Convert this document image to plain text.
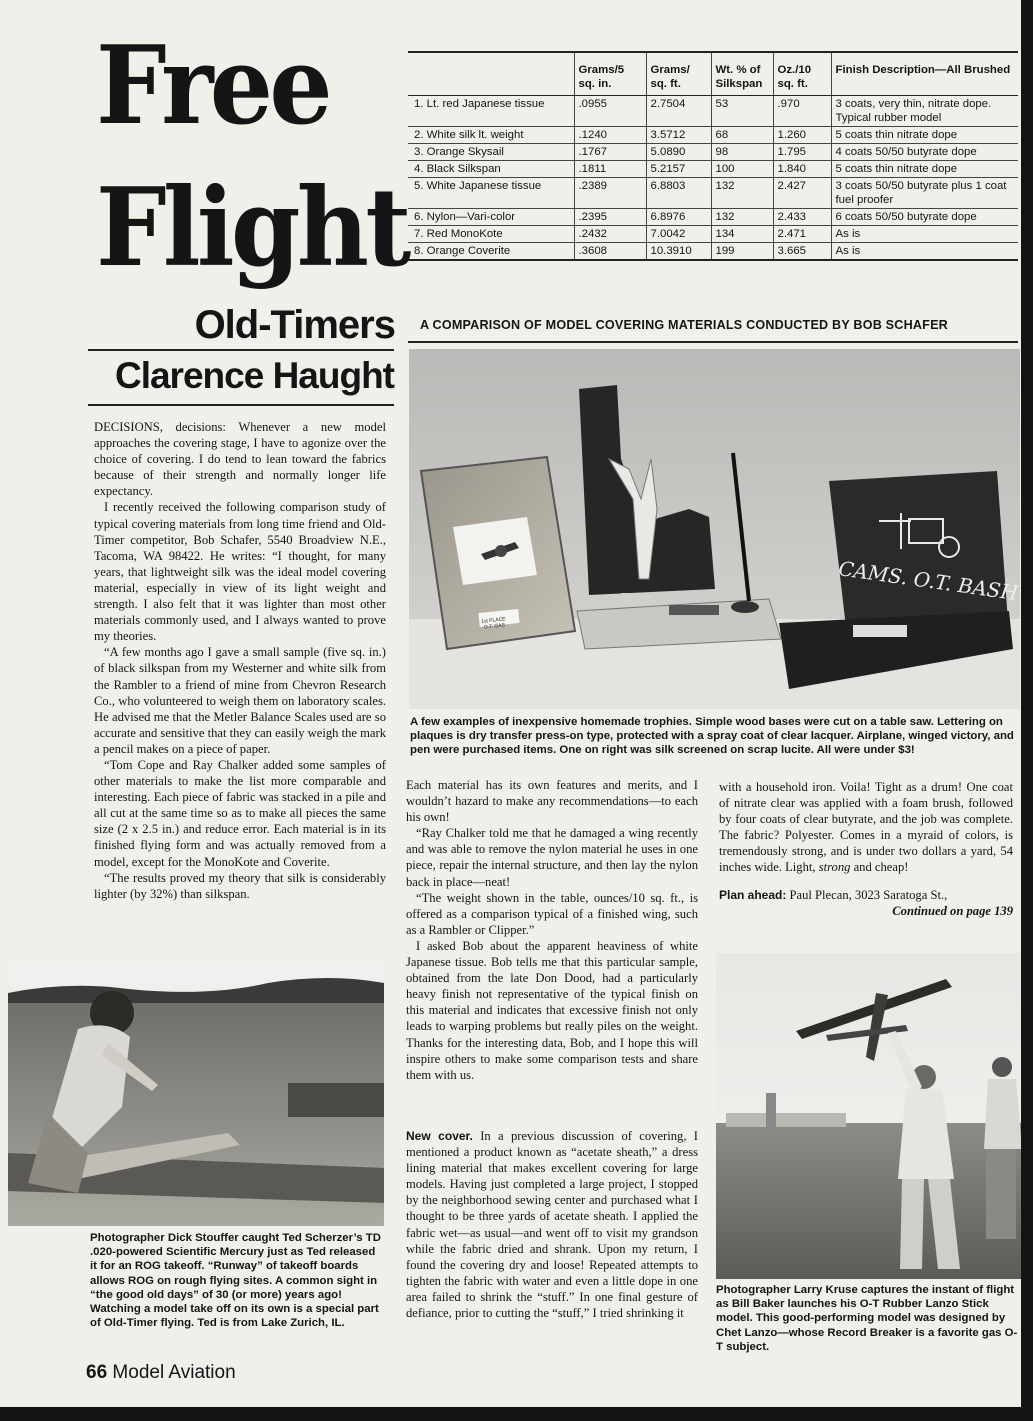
Free
Flight
Old-Timers
Clarence Haught
	Grams/5 sq. in.	Grams/ sq. ft.	Wt. % of Silkspan	Oz./10 sq. ft.	Finish Description—All Brushed
1. Lt. red Japanese tissue	.0955	2.7504	53	.970	3 coats, very thin, nitrate dope. Typical rubber model
2. White silk lt. weight	.1240	3.5712	68	1.260	5 coats thin nitrate dope
3. Orange Skysail	.1767	5.0890	98	1.795	4 coats 50/50 butyrate dope
4. Black Silkspan	.1811	5.2157	100	1.840	5 coats thin nitrate dope
5. White Japanese tissue	.2389	6.8803	132	2.427	3 coats 50/50 butyrate plus 1 coat fuel proofer
6. Nylon—Vari-color	.2395	6.8976	132	2.433	6 coats 50/50 butyrate dope
7. Red MonoKote	.2432	7.0042	134	2.471	As is
8. Orange Coverite	.3608	10.3910	199	3.665	As is
A COMPARISON OF MODEL COVERING MATERIALS CONDUCTED BY BOB SCHAFER
1st PLACE
O.T. GAS
CAMS. O.T. BASH
A few examples of inexpensive homemade trophies. Simple wood bases were cut on a table saw. Lettering on plaques is dry transfer press-on type, protected with a spray coat of clear lacquer. Airplane, winged victory, and pen were purchased items. One on right was silk screened on scrap lucite. All were under $3!

DECISIONS, decisions: Whenever a new model approaches the covering stage, I have to agonize over the choice of covering. I do tend to lean toward the fabrics because of their strength and normally longer life expectancy.

I recently received the following comparison study of typical covering materials from long time friend and Old-Timer competitor, Bob Schafer, 5540 Broadview N.E., Tacoma, WA 98422. He writes: “I thought, for many years, that lightweight silk was the ideal model covering material, especially in view of its light weight and strength. I also felt that it was lighter than most other materials commonly used, and I always wanted to prove my theories.

“A few months ago I gave a small sample (five sq. in.) of black silkspan from my Westerner and white silk from the Rambler to a friend of mine from Chevron Research Co., who volunteered to weigh them on laboratory scales. He advised me that the Metler Balance Scales used are so accurate and sensitive that they can easily weigh the mark a pencil makes on a piece of paper.

“Tom Cope and Ray Chalker added some samples of other materials to make the list more comparable and interesting. Each piece of fabric was stacked in a pile and all cut at the same time so as to make all pieces the same size (2 x 2.5 in.) and reduce error. Each material is in its finished flying form and was actually removed from a model, except for the MonoKote and Coverite.

“The results proved my theory that silk is considerably lighter (by 32%) than silkspan.

Photographer Dick Stouffer caught Ted Scherzer’s TD .020-powered Scientific Mercury just as Ted released it for an ROG takeoff. “Runway” of takeoff boards allows ROG on rough flying sites. A common sight in “the good old days” of 30 (or more) years ago! Watching a model take off on its own is a special part of Old-Timer flying. Ted is from Lake Zurich, IL.

Each material has its own features and merits, and I wouldn’t hazard to make any recommendations—to each his own!

“Ray Chalker told me that he damaged a wing recently and was able to remove the nylon material he uses in one piece, repair the internal structure, and then lay the nylon back in place—neat!

“The weight shown in the table, ounces/10 sq. ft., is offered as a comparison typical of a finished wing, such as a Rambler or Clipper.”

I asked Bob about the apparent heaviness of white Japanese tissue. Bob tells me that this particular sample, obtained from the late Don Dood, had a particularly heavy finish not representative of the typical finish on this material and indicates that excessive finish not only leads to warping problems but really piles on the weight. Thanks for the interesting data, Bob, and I hope this will inspire others to make some comparison tests and share them with us.

New cover. In a previous discussion of covering, I mentioned a product known as “acetate sheath,” a dress lining material that makes excellent covering for large models. Having just completed a large project, I stopped by the neighborhood sewing center and purchased what I thought to be three yards of acetate sheath. I applied the fabric wet—as usual—and went off to visit my grandson while the fabric dried and shrank. Upon my return, I found the covering dry and loose! Repeated attempts to tighten the fabric with water and even a little dope in one area failed to shrink the “stuff.” In one final gesture of defiance, prior to cutting the “stuff,” I tried shrinking it

with a household iron. Voila! Tight as a drum! One coat of nitrate clear was applied with a foam brush, followed by four coats of clear butyrate, and the job was complete. The fabric? Polyester. Comes in a myraid of colors, is tremendously strong, and is under two dollars a yard, 54 inches wide. Light, strong and cheap!

Plan ahead: Paul Plecan, 3023 Saratoga St.,

Continued on page 139

Photographer Larry Kruse captures the instant of flight as Bill Baker launches his O-T Rubber Lanzo Stick model. This good-performing model was designed by Chet Lanzo—whose Record Breaker is a favorite gas O-T subject.
66 Model Aviation
